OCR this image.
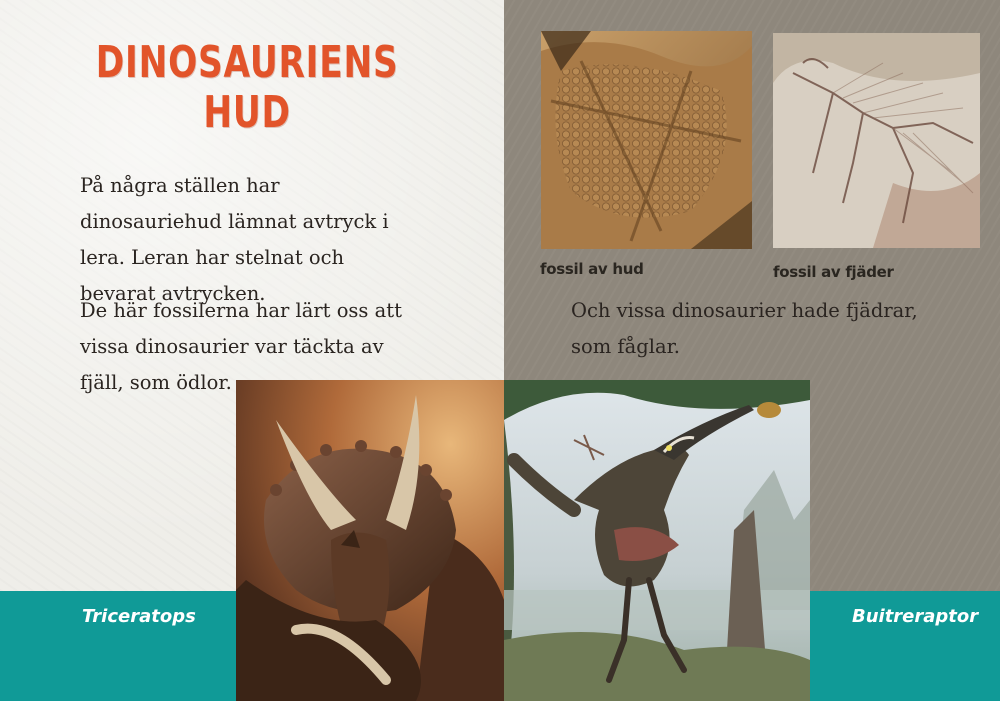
DINOSAURIENS
HUD

På några ställen har dinosauriehud lämnat avtryck i lera. Leran har stelnat och bevarat avtrycken.

De här fossilerna har lärt oss att vissa dinosaurier var täckta av fjäll, som ödlor.

Och vissa dinosaurier hade fjädrar, som fåglar.

fossil av hud	fossil av fjäder
Triceratops	Buitreraptor
